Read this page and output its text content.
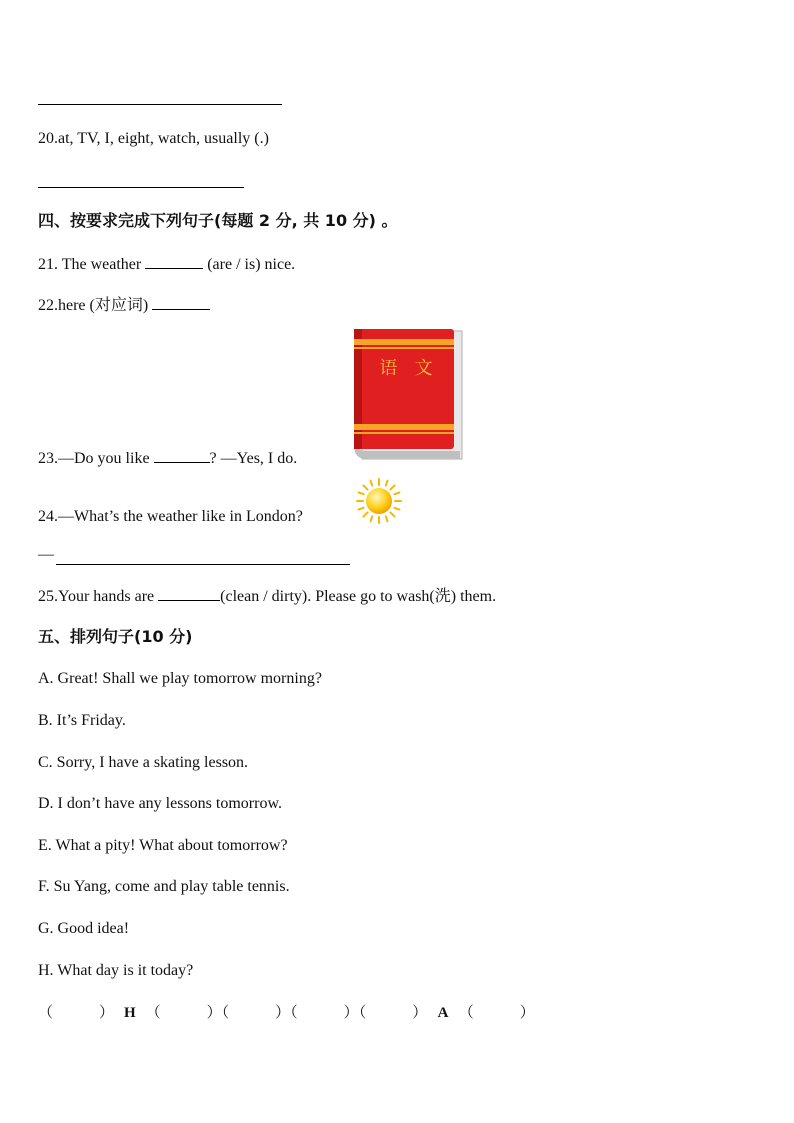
20.at, TV, I, eight, watch, usually (.)
四、按要求完成下列句子(每题 2 分, 共 10 分) 。
21. The weather	(are / is) nice.
22.here (对应词)
语   文
23.—Do you like	? —Yes, I do.
24.—What’s the weather like in London?
—
25.Your hands are	(clean / dirty). Please go to wash(洗) them.
五、排列句子(10 分)
A. Great! Shall we play tomorrow morning?
B. It’s Friday.
C. Sorry, I have a skating lesson.
D. I don’t have any lessons tomorrow.
E. What a pity! What about tomorrow?
F. Su Yang, come and play table tennis.
G. Good idea!
H. What day is it today?
（	） H （	）（	）（	）（	） A （	）
